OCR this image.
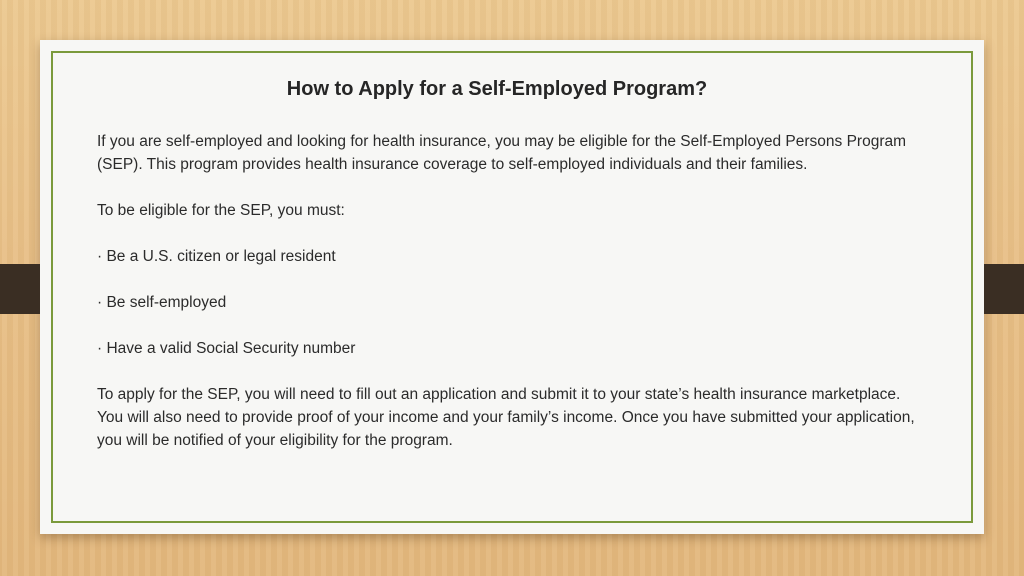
How to Apply for a Self-Employed Program?

If you are self-employed and looking for health insurance, you may be eligible for the Self-Employed Persons Program (SEP). This program provides health insurance coverage to self-employed individuals and their families.

To be eligible for the SEP, you must:

· Be a U.S. citizen or legal resident

· Be self-employed

· Have a valid Social Security number

To apply for the SEP, you will need to fill out an application and submit it to your state’s health insurance marketplace. You will also need to provide proof of your income and your family’s income. Once you have submitted your application, you will be notified of your eligibility for the program.
